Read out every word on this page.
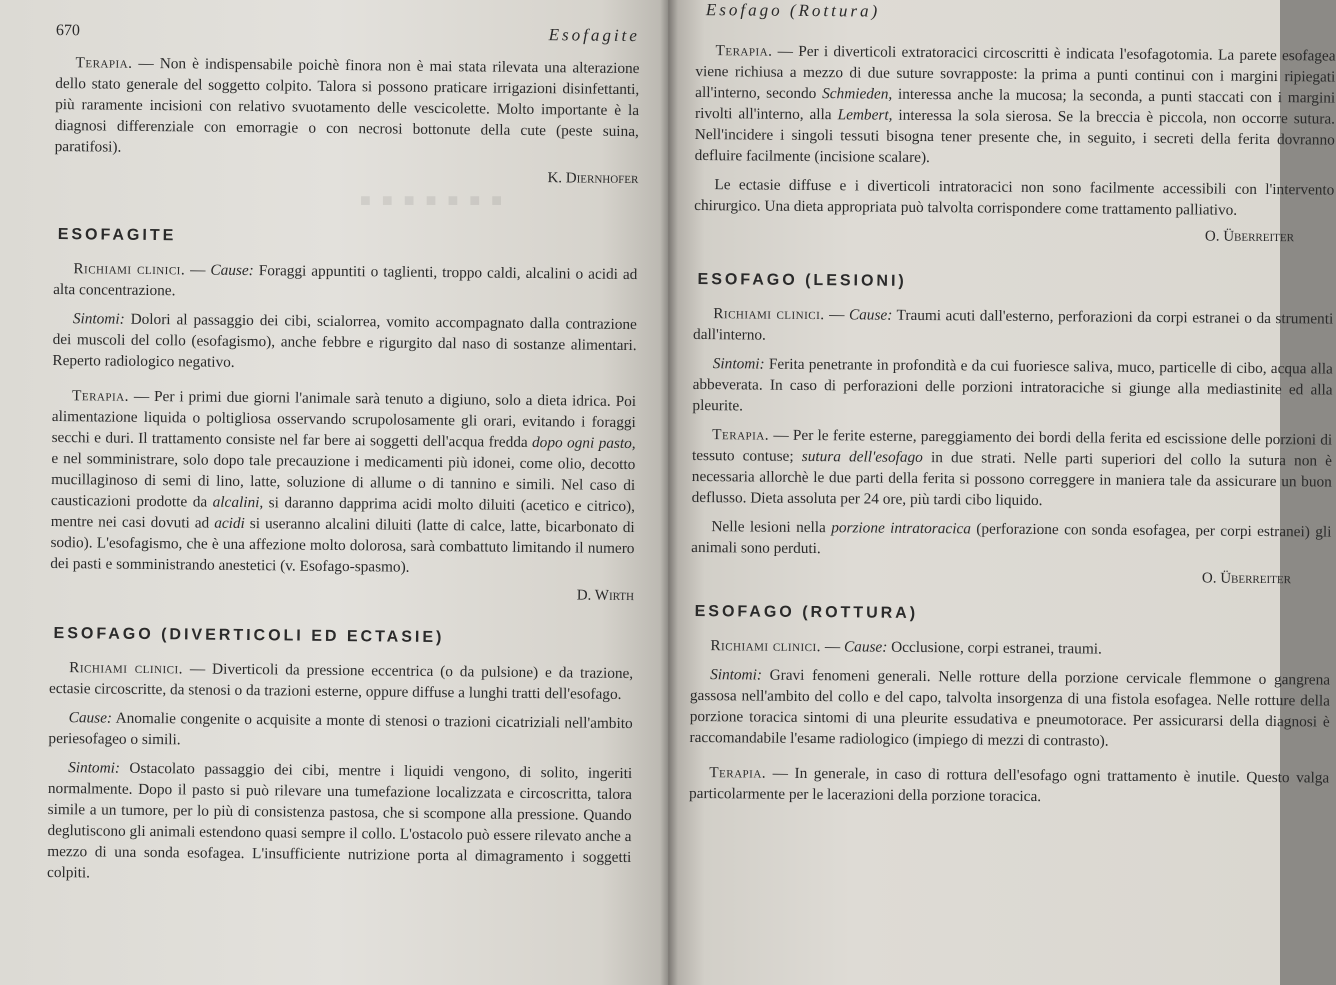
■ ■ ■ ■ ■ ■ ■
670	Esofagite

Terapia. — Non è indispensabile poichè finora non è mai stata rilevata una alterazione dello stato generale del soggetto colpito. Talora si possono praticare irrigazioni disinfettanti, più raramente incisioni con relativo svuotamento delle vescicolette. Molto importante è la diagnosi differenziale con emorragie o con necrosi bottonute della cute (peste suina, paratifosi).

K. Diernhofer
ESOFAGITE

Richiami clinici. — Cause: Foraggi appuntiti o taglienti, troppo caldi, alcalini o acidi ad alta concentrazione.

Sintomi: Dolori al passaggio dei cibi, scialorrea, vomito accompagnato dalla contrazione dei muscoli del collo (esofagismo), anche febbre e rigurgito dal naso di sostanze alimentari. Reperto radiologico negativo.

Terapia. — Per i primi due giorni l'animale sarà tenuto a digiuno, solo a dieta idrica. Poi alimentazione liquida o poltigliosa osservando scrupolosamente gli orari, evitando i foraggi secchi e duri. Il trattamento consiste nel far bere ai soggetti dell'acqua fredda dopo ogni pasto, e nel somministrare, solo dopo tale precauzione i medicamenti più idonei, come olio, decotto mucillaginoso di semi di lino, latte, soluzione di allume o di tannino e simili. Nel caso di causticazioni prodotte da alcalini, si daranno dapprima acidi molto diluiti (acetico e citrico), mentre nei casi dovuti ad acidi si useranno alcalini diluiti (latte di calce, latte, bicarbonato di sodio). L'esofagismo, che è una affezione molto dolorosa, sarà combattuto limitando il numero dei pasti e somministrando anestetici (v. Esofago-spasmo).

D. Wirth
ESOFAGO (DIVERTICOLI ED ECTASIE)

Richiami clinici. — Diverticoli da pressione eccentrica (o da pulsione) e da trazione, ectasie circoscritte, da stenosi o da trazioni esterne, oppure diffuse a lunghi tratti dell'esofago.

Cause: Anomalie congenite o acquisite a monte di stenosi o trazioni cicatriziali nell'ambito periesofageo o simili.

Sintomi: Ostacolato passaggio dei cibi, mentre i liquidi vengono, di solito, ingeriti normalmente. Dopo il pasto si può rilevare una tumefazione localizzata e circoscritta, talora simile a un tumore, per lo più di consistenza pastosa, che si scompone alla pressione. Quando deglutiscono gli animali estendono quasi sempre il collo. L'ostacolo può essere rilevato anche a mezzo di una sonda esofagea. L'insufficiente nutrizione porta al dimagramento i soggetti colpiti.

Esofago (Rottura)

Terapia. — Per i diverticoli extratoracici circoscritti è indicata l'esofagotomia. La parete esofagea viene richiusa a mezzo di due suture sovrapposte: la prima a punti continui con i margini ripiegati all'interno, secondo Schmieden, interessa anche la mucosa; la seconda, a punti staccati con i margini rivolti all'interno, alla Lembert, interessa la sola sierosa. Se la breccia è piccola, non occorre sutura. Nell'incidere i singoli tessuti bisogna tener presente che, in seguito, i secreti della ferita dovranno defluire facilmente (incisione scalare).

Le ectasie diffuse e i diverticoli intratoracici non sono facilmente accessibili con l'intervento chirurgico. Una dieta appropriata può talvolta corrispondere come trattamento palliativo.

O. Überreiter
ESOFAGO (LESIONI)

Richiami clinici. — Cause: Traumi acuti dall'esterno, perforazioni da corpi estranei o da strumenti dall'interno.

Sintomi: Ferita penetrante in profondità e da cui fuoriesce saliva, muco, particelle di cibo, acqua alla abbeverata. In caso di perforazioni delle porzioni intratoraciche si giunge alla mediastinite ed alla pleurite.

Terapia. — Per le ferite esterne, pareggiamento dei bordi della ferita ed escissione delle porzioni di tessuto contuse; sutura dell'esofago in due strati. Nelle parti superiori del collo la sutura non è necessaria allorchè le due parti della ferita si possono correggere in maniera tale da assicurare un buon deflusso. Dieta assoluta per 24 ore, più tardi cibo liquido.

Nelle lesioni nella porzione intratoracica (perforazione con sonda esofagea, per corpi estranei) gli animali sono perduti.

O. Überreiter
ESOFAGO (ROTTURA)

Richiami clinici. — Cause: Occlusione, corpi estranei, traumi.

Sintomi: Gravi fenomeni generali. Nelle rotture della porzione cervicale flemmone o gangrena gassosa nell'ambito del collo e del capo, talvolta insorgenza di una fistola esofagea. Nelle rotture della porzione toracica sintomi di una pleurite essudativa e pneumotorace. Per assicurarsi della diagnosi è raccomandabile l'esame radiologico (impiego di mezzi di contrasto).

Terapia. — In generale, in caso di rottura dell'esofago ogni trattamento è inutile. Questo valga particolarmente per le lacerazioni della porzione toracica.
